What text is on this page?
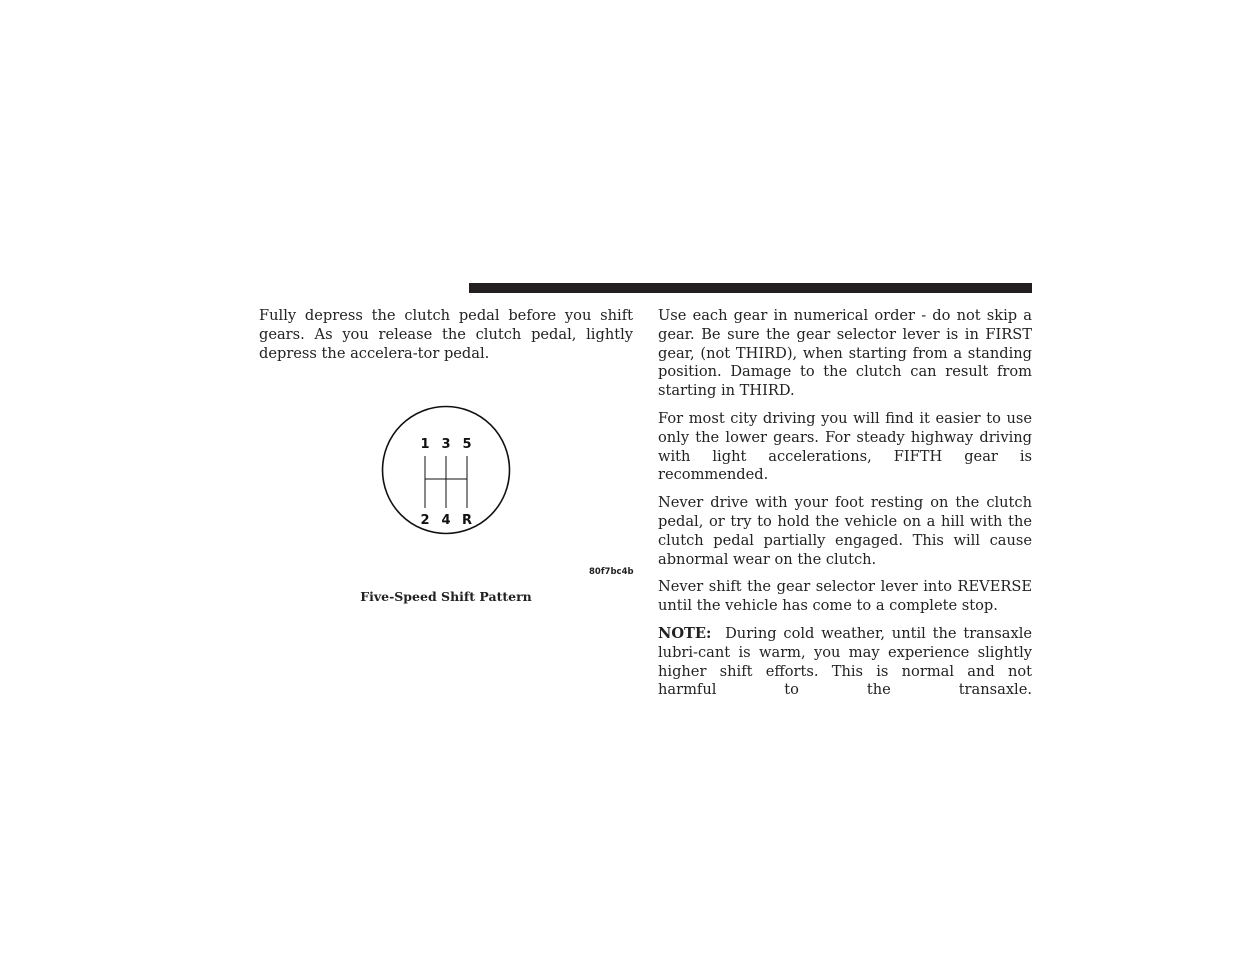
Fully depress the clutch pedal before you shift gears. As you release the clutch pedal, lightly depress the accelera-tor pedal.

1 3 5
2 4 R
80f7bc4b
Five-Speed Shift Pattern

Use each gear in numerical order - do not skip a gear. Be sure the gear selector lever is in FIRST gear, (not THIRD), when starting from a standing position. Damage to the clutch can result from starting in THIRD.

For most city driving you will find it easier to use only the lower gears. For steady highway driving with light accelerations, FIFTH gear is recommended.

Never drive with your foot resting on the clutch pedal, or try to hold the vehicle on a hill with the clutch pedal partially engaged. This will cause abnormal wear on the clutch.

Never shift the gear selector lever into REVERSE until the vehicle has come to a complete stop.

NOTE: During cold weather, until the transaxle lubri-cant is warm, you may experience slightly higher shift efforts. This is normal and not harmful to the transaxle.
